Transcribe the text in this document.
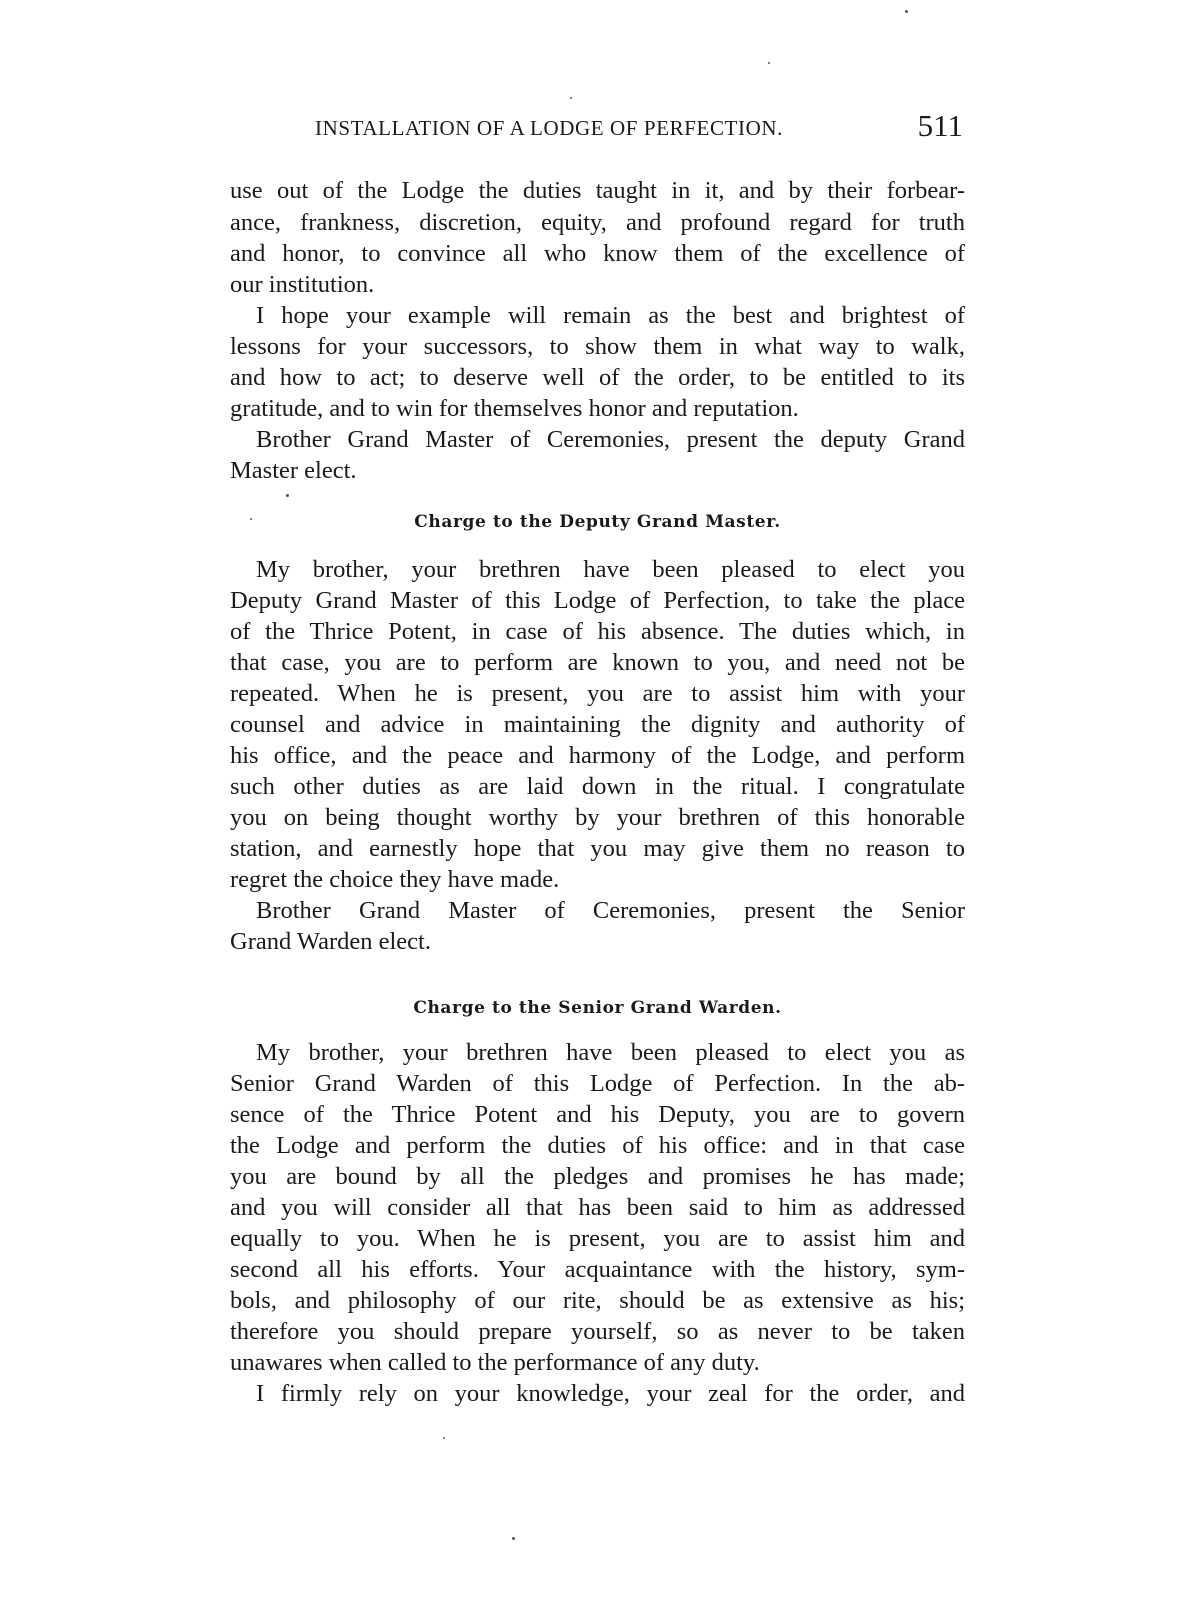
INSTALLATION OF A LODGE OF PERFECTION.	511
use out of the Lodge the duties taught in it, and by their forbear-
ance, frankness, discretion, equity, and profound regard for truth
and honor, to convince all who know them of the excellence of
our institution.
I hope your example will remain as the best and brightest of
lessons for your successors, to show them in what way to walk,
and how to act; to deserve well of the order, to be entitled to its
gratitude, and to win for themselves honor and reputation.
Brother Grand Master of Ceremonies, present the deputy Grand
Master elect.
Charge to the Deputy Grand Master.
My brother, your brethren have been pleased to elect you
Deputy Grand Master of this Lodge of Perfection, to take the place
of the Thrice Potent, in case of his absence. The duties which, in
that case, you are to perform are known to you, and need not be
repeated. When he is present, you are to assist him with your
counsel and advice in maintaining the dignity and authority of
his office, and the peace and harmony of the Lodge, and perform
such other duties as are laid down in the ritual. I congratulate
you on being thought worthy by your brethren of this honorable
station, and earnestly hope that you may give them no reason to
regret the choice they have made.
Brother Grand Master of Ceremonies, present the Senior
Grand Warden elect.
Charge to the Senior Grand Warden.
My brother, your brethren have been pleased to elect you as
Senior Grand Warden of this Lodge of Perfection. In the ab-
sence of the Thrice Potent and his Deputy, you are to govern
the Lodge and perform the duties of his office: and in that case
you are bound by all the pledges and promises he has made;
and you will consider all that has been said to him as addressed
equally to you. When he is present, you are to assist him and
second all his efforts. Your acquaintance with the history, sym-
bols, and philosophy of our rite, should be as extensive as his;
therefore you should prepare yourself, so as never to be taken
unawares when called to the performance of any duty.
I firmly rely on your knowledge, your zeal for the order, and
